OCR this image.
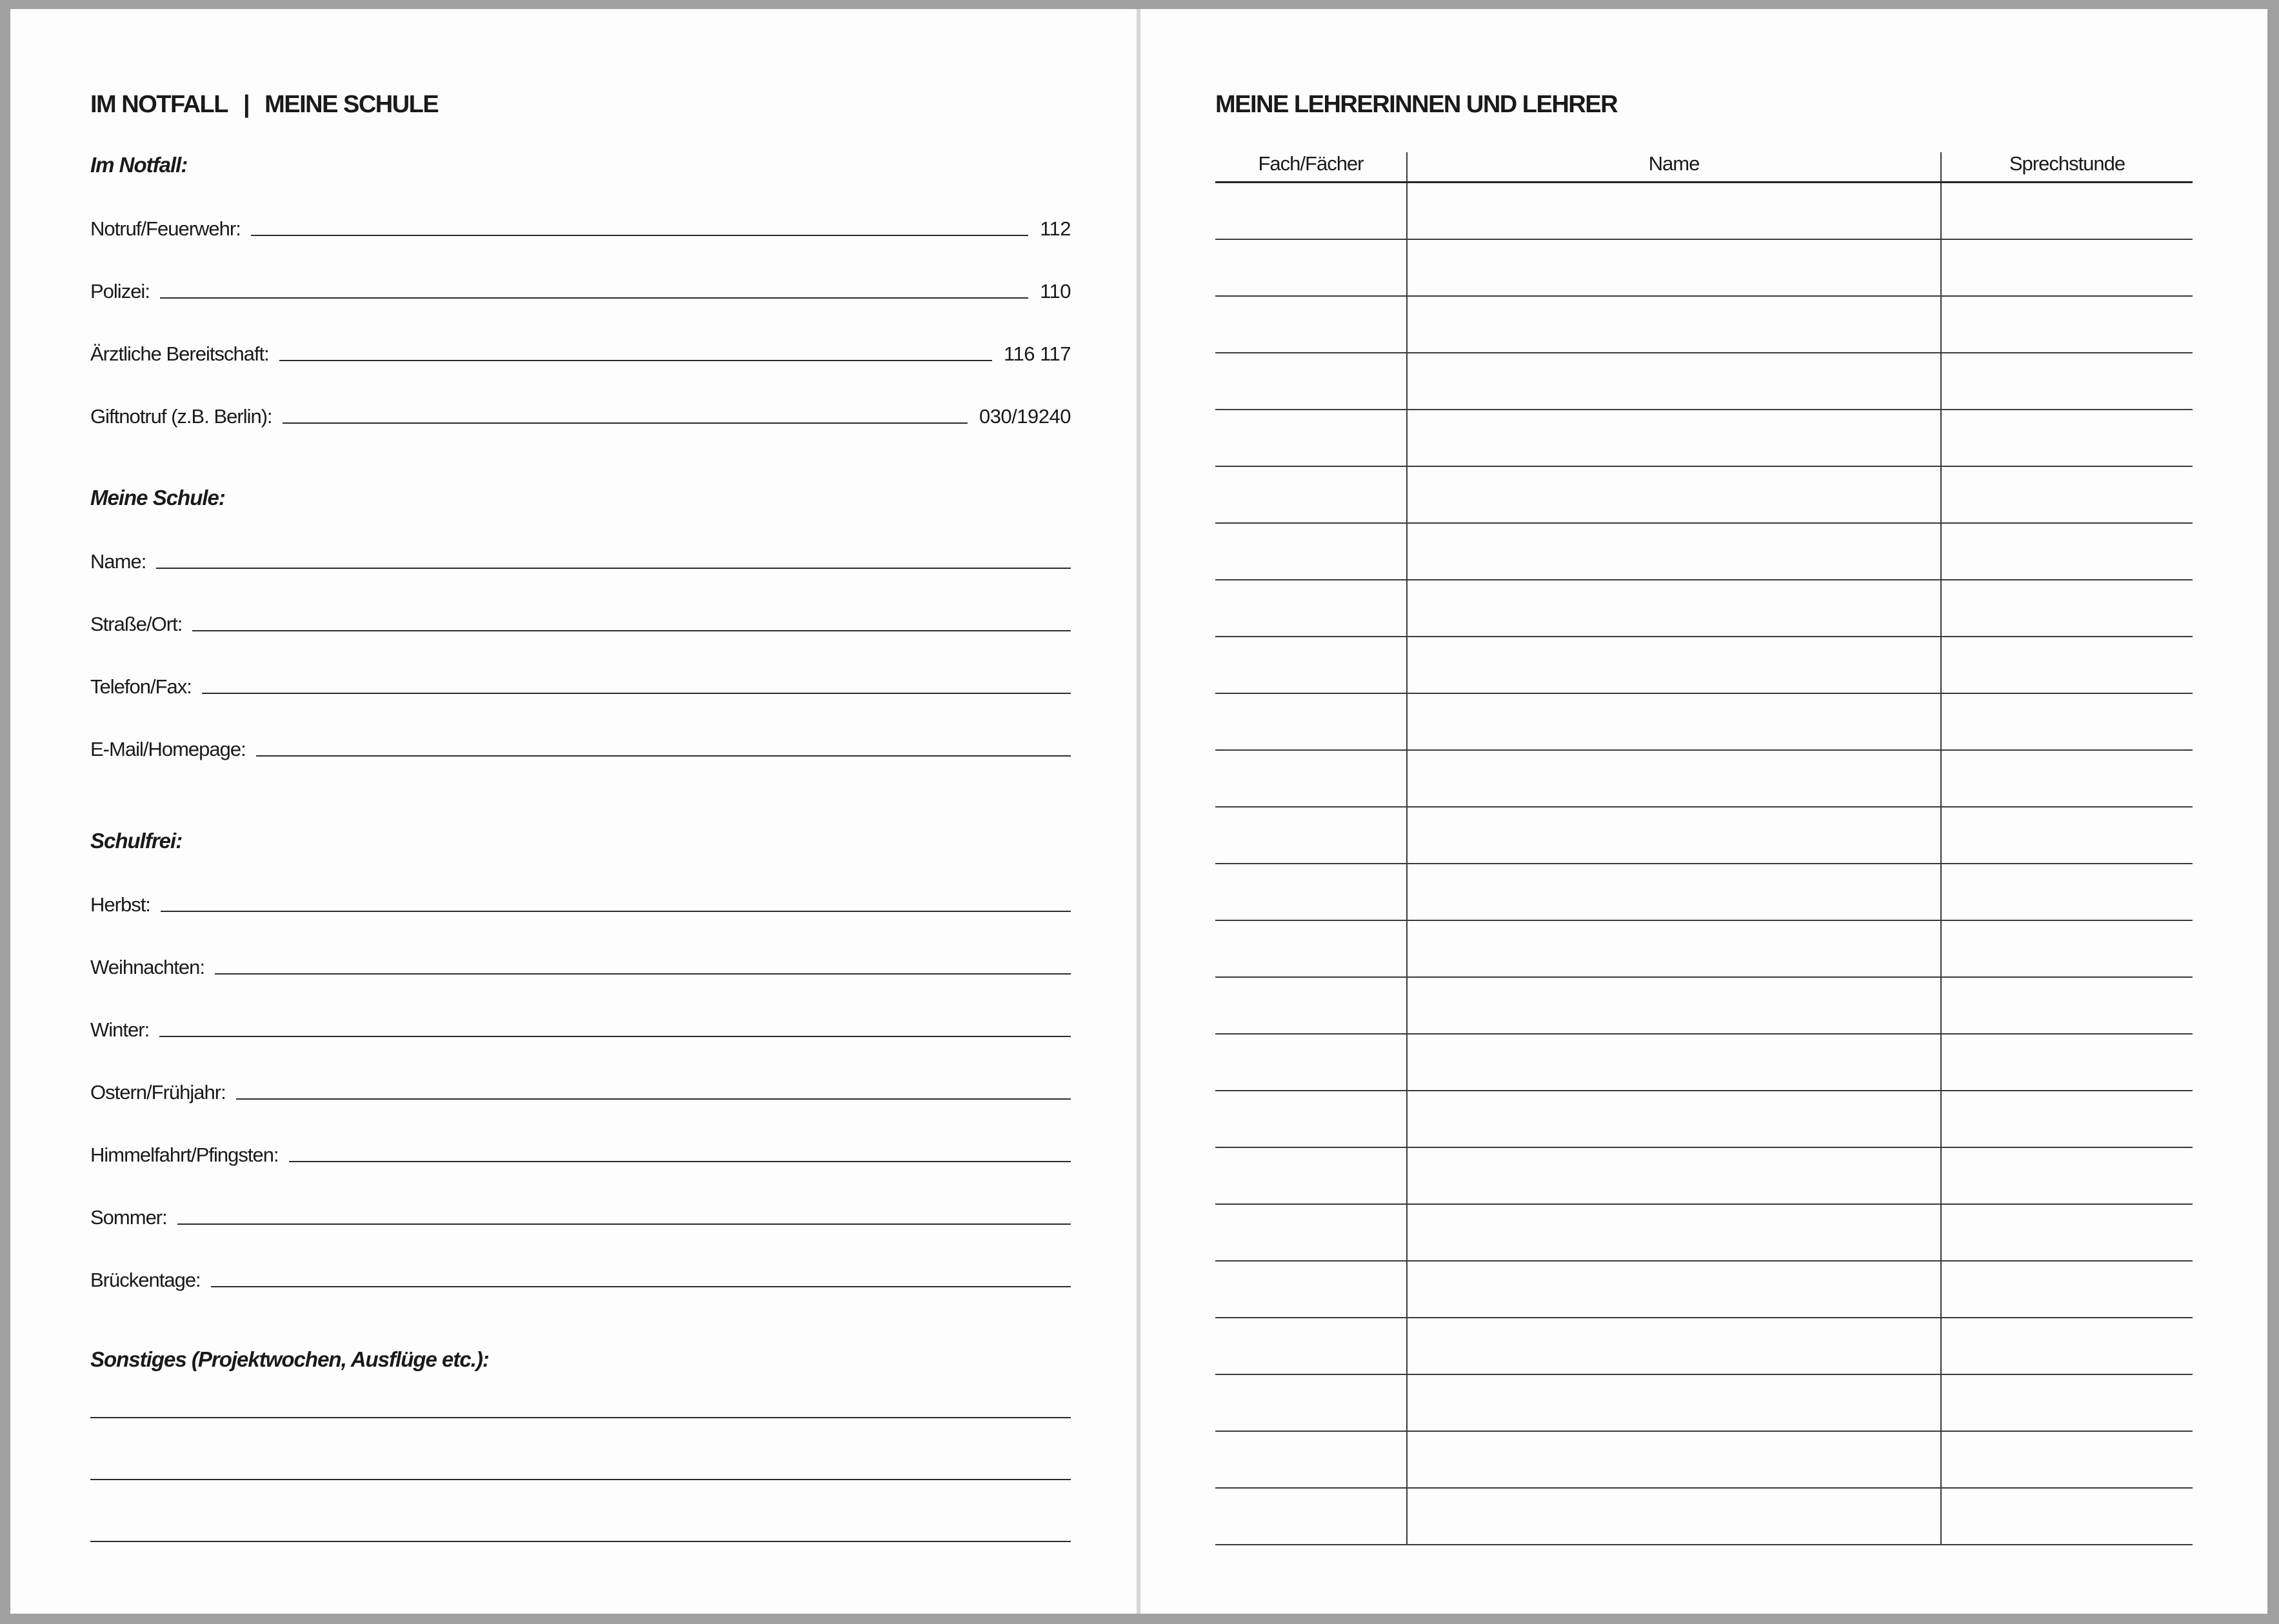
IM NOTFALL | MEINE SCHULE
Im Notfall:
Notruf/Feuerwehr:	112
Polizei:	110
Ärztliche Bereitschaft:	116 117
Giftnotruf (z.B. Berlin):	030/19240
Meine Schule:
Name:
Straße/Ort:
Telefon/Fax:
E-Mail/Homepage:
Schulfrei:
Herbst:
Weihnachten:
Winter:
Ostern/Frühjahr:
Himmelfahrt/Pfingsten:
Sommer:
Brückentage:
Sonstiges (Projektwochen, Ausflüge etc.):
MEINE LEHRERINNEN UND LEHRER
Fach/Fächer	Name	Sprechstunde
